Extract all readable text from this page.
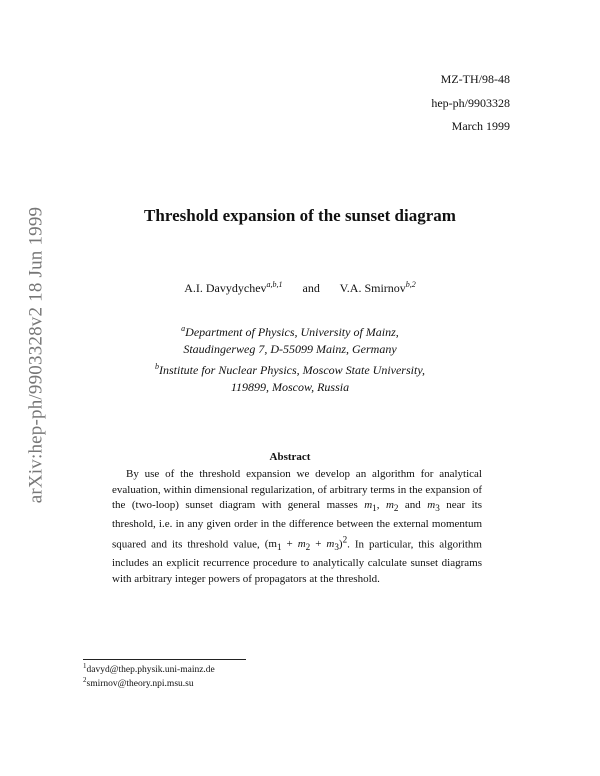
arXiv:hep-ph/9903328v2 18 Jun 1999
MZ-TH/98-48
hep-ph/9903328
March 1999
Threshold expansion of the sunset diagram
A.I. Davydychev$^{a,b,1}$ and V.A. Smirnov$^{b,2}$
$^a$Department of Physics, University of Mainz,
Staudingerweg 7, D-55099 Mainz, Germany
$^b$Institute for Nuclear Physics, Moscow State University,
119899, Moscow, Russia
Abstract
By use of the threshold expansion we develop an algorithm for analytical evaluation, within dimensional regularization, of arbitrary terms in the expansion of the (two-loop) sunset diagram with general masses $m_1$, $m_2$ and $m_3$ near its threshold, i.e. in any given order in the difference between the external momentum squared and its threshold value, $(m_1 + m_2 + m_3)^2$. In particular, this algorithm includes an explicit recurrence procedure to analytically calculate sunset diagrams with arbitrary integer powers of propagators at the threshold.
$^1$davyd@thep.physik.uni-mainz.de
$^2$smirnov@theory.npi.msu.su
